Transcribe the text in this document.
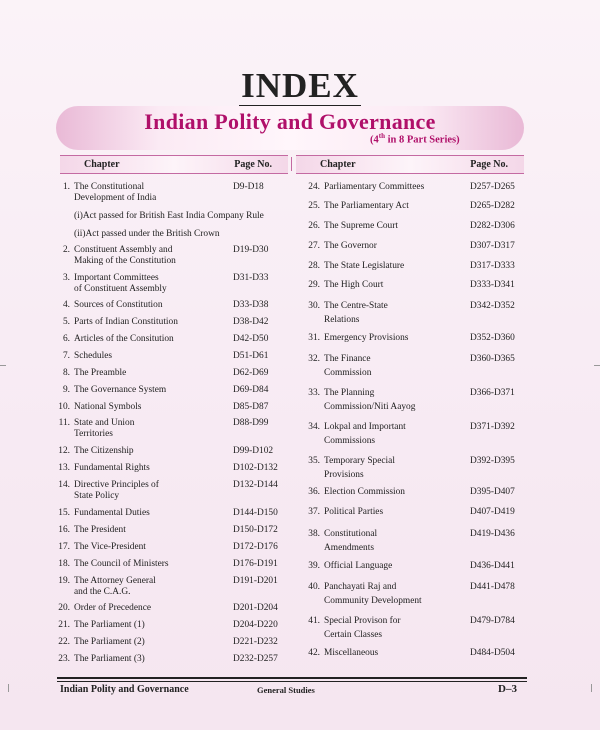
INDEX
Indian Polity and Governance
(4th in 8 Part Series)
Chapter	Page No.	Chapter	Page No.
1. The Constitutional
Development of India
D9-D18
(i)Act passed for British East India Company Rule
(ii)Act passed under the British Crown
2. Constituent Assembly and
Making of the Constitution
D19-D30
3. Important Committees
of Constituent Assembly
D31-D33
4. Sources of Constitution	D33-D38
5. Parts of Indian Constitution	D38-D42
6. Articles of the Consitution	D42-D50
7. Schedules	D51-D61
8. The Preamble	D62-D69
9. The Governance System	D69-D84
10. National Symbols	D85-D87
11. State and Union
Territories
D88-D99
12. The Citizenship	D99-D102
13. Fundamental Rights	D102-D132
14. Directive Principles of
State Policy
D132-D144
15. Fundamental Duties	D144-D150
16. The President	D150-D172
17. The Vice-President	D172-D176
18. The Council of Ministers	D176-D191
19. The Attorney General
and the C.A.G.
D191-D201
20. Order of Precedence	D201-D204
21. The Parliament (1)	D204-D220
22. The Parliament (2)	D221-D232
23. The Parliament (3)	D232-D257
24. Parliamentary Committees	D257-D265
25. The Parliamentary Act	D265-D282
26. The Supreme Court	D282-D306
27. The Governor	D307-D317
28. The State Legislature	D317-D333
29. The High Court	D333-D341
30. The Centre-State
Relations
D342-D352
31. Emergency Provisions	D352-D360
32. The Finance
Commission
D360-D365
33. The Planning
Commission/Niti Aayog
D366-D371
34. Lokpal and Important
Commissions
D371-D392
35. Temporary Special
Provisions
D392-D395
36. Election Commission	D395-D407
37. Political Parties	D407-D419
38. Constitutional
Amendments
D419-D436
39. Official Language	D436-D441
40. Panchayati Raj and
Community Development
D441-D478
41. Special Provison for
Certain Classes
D479-D784
42. Miscellaneous	D484-D504
Indian Polity and Governance	General Studies	D–3
